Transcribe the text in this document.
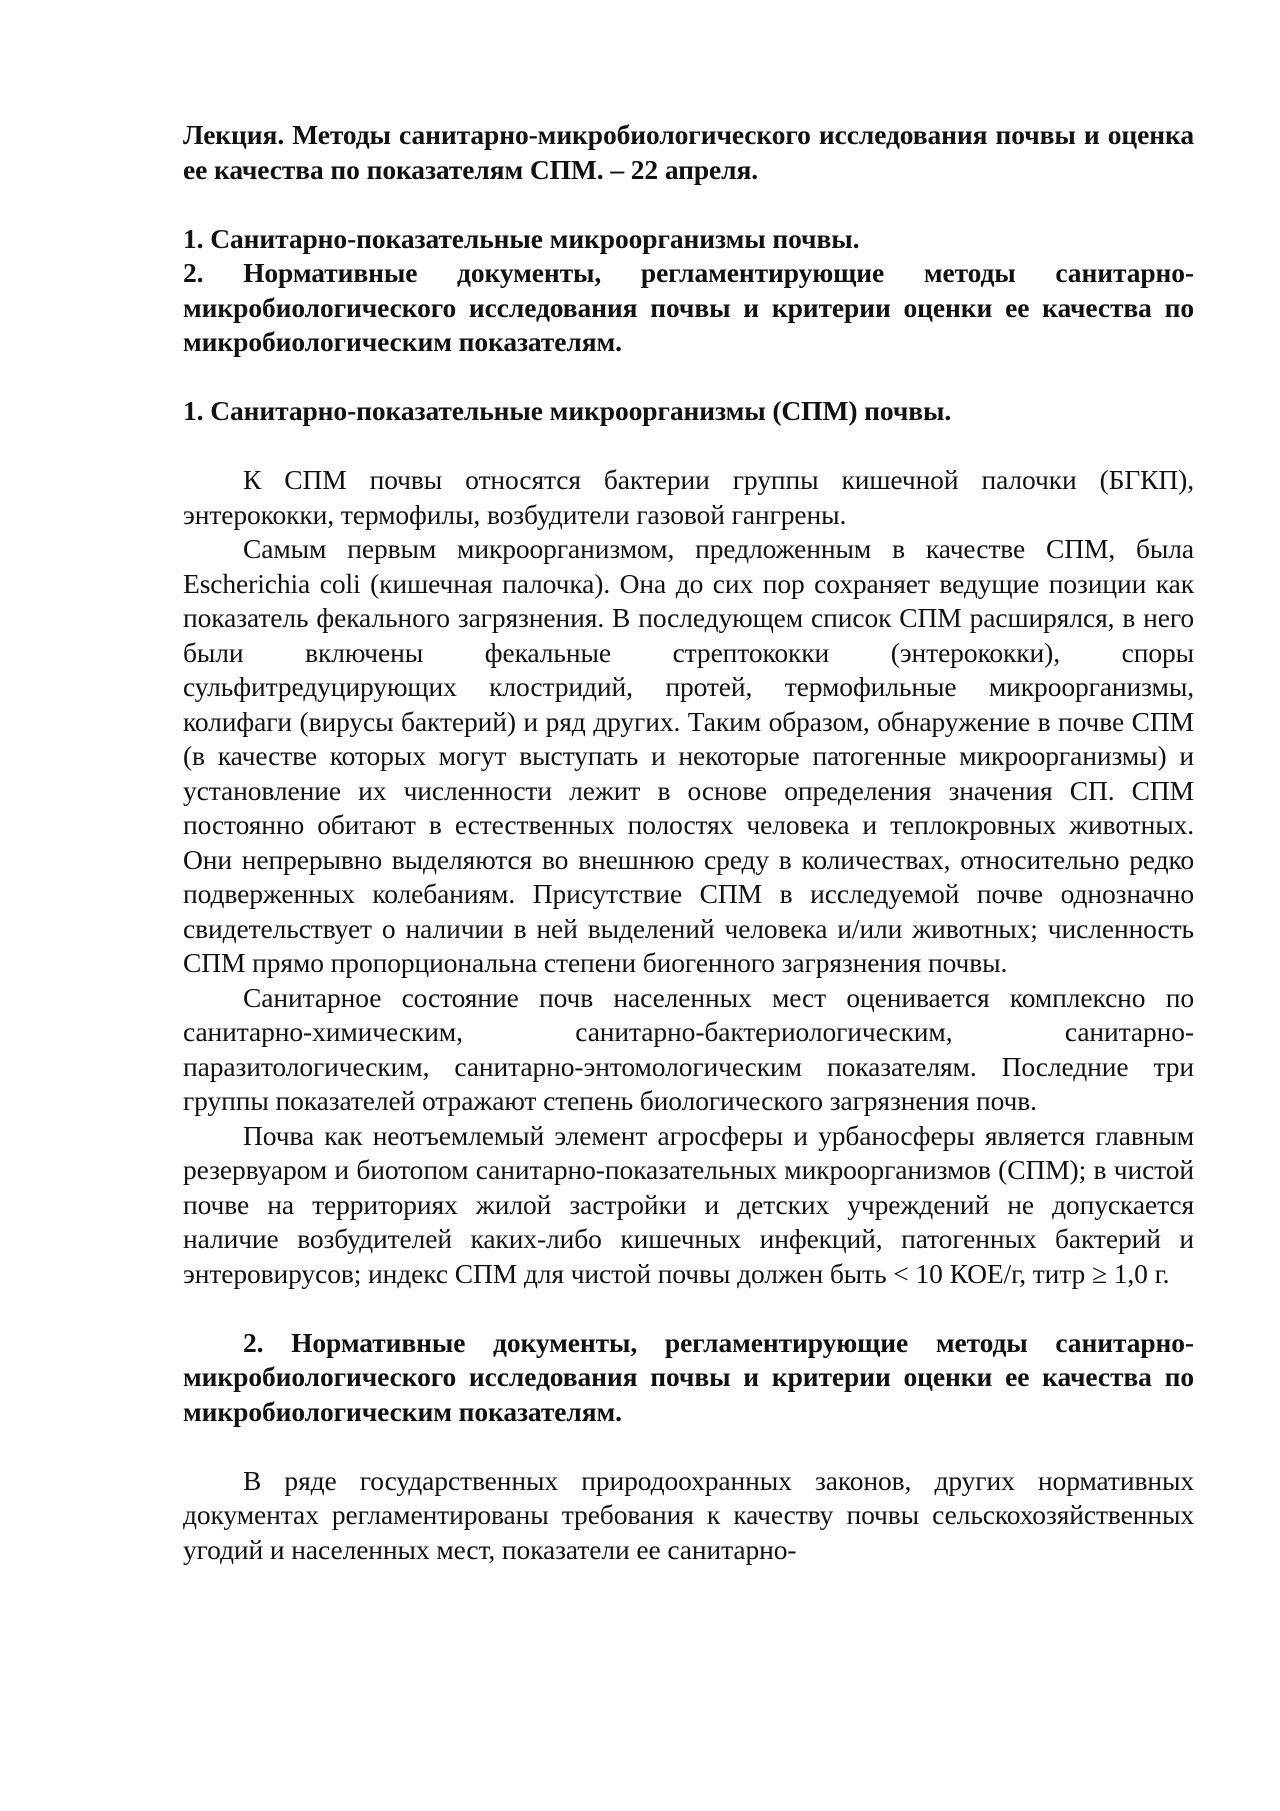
Лекция. Методы санитарно-микробиологического исследования почвы и оценка ее качества по показателям СПМ. – 22 апреля.

1. Санитарно-показательные микроорганизмы почвы.

2. Нормативные документы, регламентирующие методы санитарно-микробиологического исследования почвы и критерии оценки ее качества по микробиологическим показателям.

1. Санитарно-показательные микроорганизмы (СПМ) почвы.

К СПМ почвы относятся бактерии группы кишечной палочки (БГКП), энтерококки, термофилы, возбудители газовой гангрены.

Самым первым микроорганизмом, предложенным в качестве СПМ, была Escherichia coli (кишечная палочка). Она до сих пор сохраняет ведущие позиции как показатель фекального загрязнения. В последующем список СПМ расширялся, в него были включены фекальные стрептококки (энтерококки), споры сульфитредуцирующих клостридий, протей, термофильные микроорганизмы, колифаги (вирусы бактерий) и ряд других. Таким образом, обнаружение в почве СПМ (в качестве которых могут выступать и некоторые патогенные микроорганизмы) и установление их численности лежит в основе определения значения СП. СПМ постоянно обитают в естественных полостях человека и теплокровных животных. Они непрерывно выделяются во внешнюю среду в количествах, относительно редко подверженных колебаниям. Присутствие СПМ в исследуемой почве однозначно свидетельствует о наличии в ней выделений человека и/или животных; численность СПМ прямо пропорциональна степени биогенного загрязнения почвы.

Санитарное состояние почв населенных мест оценивается комплексно по санитарно-химическим, санитарно-бактериологическим, санитарно-паразитологическим, санитарно-энтомологическим показателям. Последние три группы показателей отражают степень биологического загрязнения почв.

Почва как неотъемлемый элемент агросферы и урбаносферы является главным резервуаром и биотопом санитарно-показательных микроорганизмов (СПМ); в чистой почве на территориях жилой застройки и детских учреждений не допускается наличие возбудителей каких-либо кишечных инфекций, патогенных бактерий и энтеровирусов; индекс СПМ для чистой почвы должен быть < 10 КОЕ/г, титр ≥ 1,0 г.

2. Нормативные документы, регламентирующие методы санитарно-микробиологического исследования почвы и критерии оценки ее качества по микробиологическим показателям.

В ряде государственных природоохранных законов, других нормативных документах регламентированы требования к качеству почвы сельскохозяйственных угодий и населенных мест, показатели ее санитарно-
